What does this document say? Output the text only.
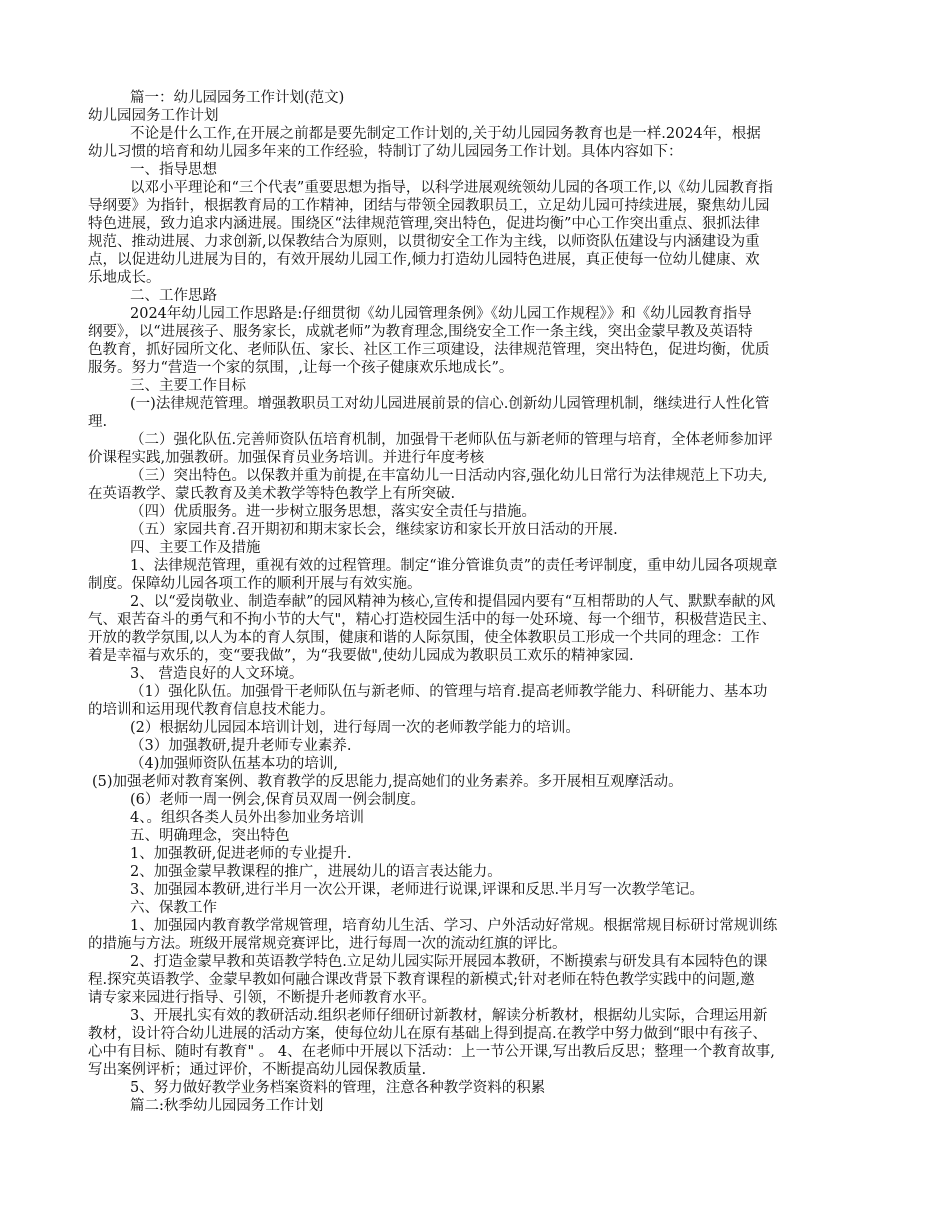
篇一：幼儿园园务工作计划(范文)
幼儿园园务工作计划
不论是什么工作,在开展之前都是要先制定工作计划的,关于幼儿园园务教育也是一样.2024年，根据
幼儿习惯的培育和幼儿园多年来的工作经验，特制订了幼儿园园务工作计划。具体内容如下：
一、指导思想
以邓小平理论和“三个代表”重要思想为指导，以科学进展观统领幼儿园的各项工作,以《幼儿园教育指
导纲要》为指针，根据教育局的工作精神，团结与带领全园教职员工，立足幼儿园可持续进展，聚焦幼儿园
特色进展，致力追求内涵进展。围绕区“法律规范管理,突出特色，促进均衡”中心工作突出重点、狠抓法律
规范、推动进展、力求创新,以保教结合为原则，以贯彻安全工作为主线，以师资队伍建设与内涵建设为重
点，以促进幼儿进展为目的，有效开展幼儿园工作,倾力打造幼儿园特色进展，真正使每一位幼儿健康、欢
乐地成长。
二、工作思路
2024年幼儿园工作思路是:仔细贯彻《幼儿园管理条例》《幼儿园工作规程》》和《幼儿园教育指导
纲要》，以“进展孩子、服务家长，成就老师”为教育理念,围绕安全工作一条主线，突出金蒙早教及英语特
色教育，抓好园所文化、老师队伍、家长、社区工作三项建设，法律规范管理，突出特色，促进均衡，优质
服务。努力“营造一个家的氛围，,让每一个孩子健康欢乐地成长”。
三、主要工作目标
(一)法律规范管理。增强教职员工对幼儿园进展前景的信心.创新幼儿园管理机制，继续进行人性化管
理.
（二）强化队伍.完善师资队伍培育机制，加强骨干老师队伍与新老师的管理与培育，全体老师参加评
价课程实践,加强教研。加强保育员业务培训。并进行年度考核
（三）突出特色。以保教并重为前提,在丰富幼儿一日活动内容,强化幼儿日常行为法律规范上下功夫,
在英语教学、蒙氏教育及美术教学等特色教学上有所突破.
（四）优质服务。进一步树立服务思想，落实安全责任与措施。
（五）家园共育.召开期初和期末家长会，继续家访和家长开放日活动的开展.
四、主要工作及措施
1、法律规范管理，重视有效的过程管理。制定“谁分管谁负责”的责任考评制度，重申幼儿园各项规章
制度。保障幼儿园各项工作的顺利开展与有效实施。
2、以“爱岗敬业、制造奉献”的园风精神为核心,宣传和提倡园内要有“互相帮助的人气、默默奉献的风
气、艰苦奋斗的勇气和不拘小节的大气"，精心打造校园生活中的每一处环境、每一个细节，积极营造民主、
开放的教学氛围,以人为本的育人氛围，健康和谐的人际氛围，使全体教职员工形成一个共同的理念：工作
着是幸福与欢乐的，变“要我做”，为“我要做",使幼儿园成为教职员工欢乐的精神家园.
3、 营造良好的人文环境。
（1）强化队伍。加强骨干老师队伍与新老师、的管理与培育.提高老师教学能力、科研能力、基本功
的培训和运用现代教育信息技术能力。
(2）根据幼儿园园本培训计划，进行每周一次的老师教学能力的培训。
（3）加强教研,提升老师专业素养.
（4)加强师资队伍基本功的培训,
(5)加强老师对教育案例、教育教学的反思能力,提高她们的业务素养。多开展相互观摩活动。
(6）老师一周一例会,保育员双周一例会制度。
4、。组织各类人员外出参加业务培训
五、明确理念，突出特色
1、加强教研,促进老师的专业提升.
2、加强金蒙早教课程的推广，进展幼儿的语言表达能力。
3、加强园本教研,进行半月一次公开课，老师进行说课,评课和反思.半月写一次教学笔记。
六、保教工作
1、加强园内教育教学常规管理，培育幼儿生活、学习、户外活动好常规。根据常规目标研讨常规训练
的措施与方法。班级开展常规竞赛评比，进行每周一次的流动红旗的评比。
2、打造金蒙早教和英语教学特色.立足幼儿园实际开展园本教研，不断摸索与研发具有本园特色的课
程.探究英语教学、金蒙早教如何融合课改背景下教育课程的新模式;针对老师在特色教学实践中的问题,邀
请专家来园进行指导、引领，不断提升老师教育水平。
3、开展扎实有效的教研活动.组织老师仔细研讨新教材，解读分析教材，根据幼儿实际，合理运用新
教材，设计符合幼儿进展的活动方案，使每位幼儿在原有基础上得到提高.在教学中努力做到“眼中有孩子、
心中有目标、随时有教育" 。 4、在老师中开展以下活动：上一节公开课,写出教后反思；整理一个教育故事,
写出案例评析；通过评价，不断提高幼儿园保教质量.
5、努力做好教学业务档案资料的管理，注意各种教学资料的积累
篇二:秋季幼儿园园务工作计划
